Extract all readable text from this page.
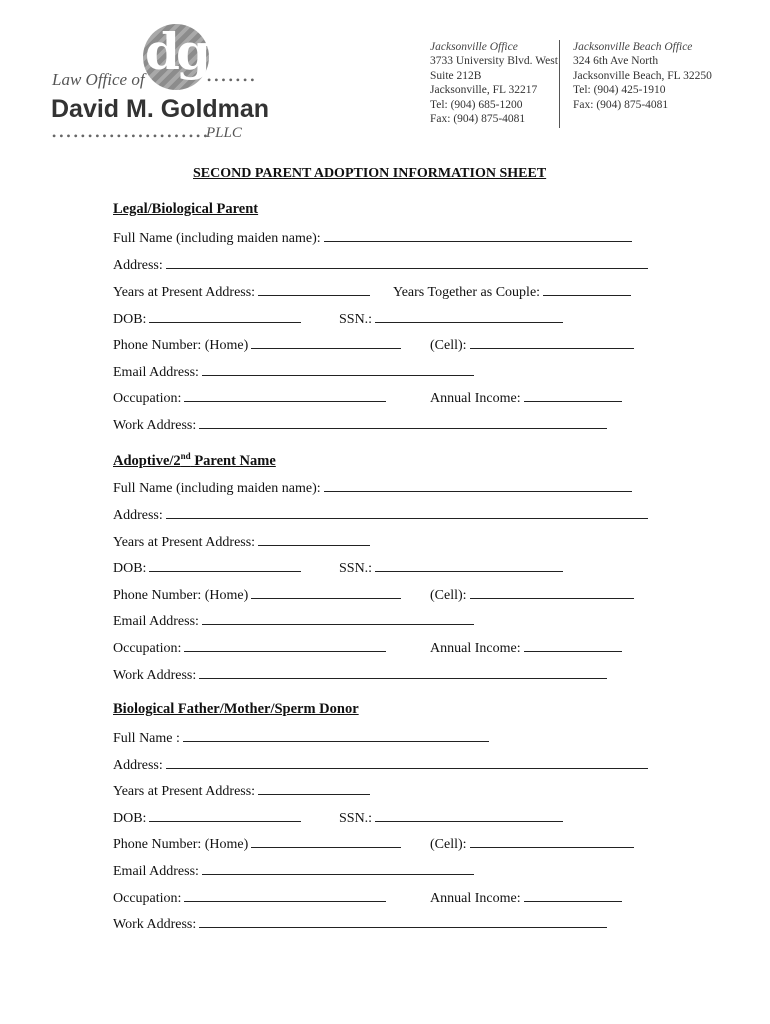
dg
Law Office of	•••••••
David M. Goldman
••••••••••••••••••••••
PLLC
Jacksonville Office
3733 University Blvd. West
Suite 212B
Jacksonville, FL 32217
Tel: (904) 685-1200
Fax: (904) 875-4081
Jacksonville Beach Office
324 6th Ave North
Jacksonville Beach, FL 32250
Tel: (904) 425-1910
Fax: (904) 875-4081
SECOND PARENT ADOPTION INFORMATION SHEET
Legal/Biological Parent
Full Name (including maiden name):
Address:
Years at Present Address:	Years Together as Couple:
DOB:	SSN.:
Phone Number: (Home)	(Cell):
Email Address:
Occupation:	Annual Income:
Work Address:
Adoptive/2nd Parent Name
Full Name (including maiden name):
Address:
Years at Present Address:
DOB:	SSN.:
Phone Number: (Home)	(Cell):
Email Address:
Occupation:	Annual Income:
Work Address:
Biological Father/Mother/Sperm Donor
Full Name :
Address:
Years at Present Address:
DOB:	SSN.:
Phone Number: (Home)	(Cell):
Email Address:
Occupation:	Annual Income:
Work Address:
